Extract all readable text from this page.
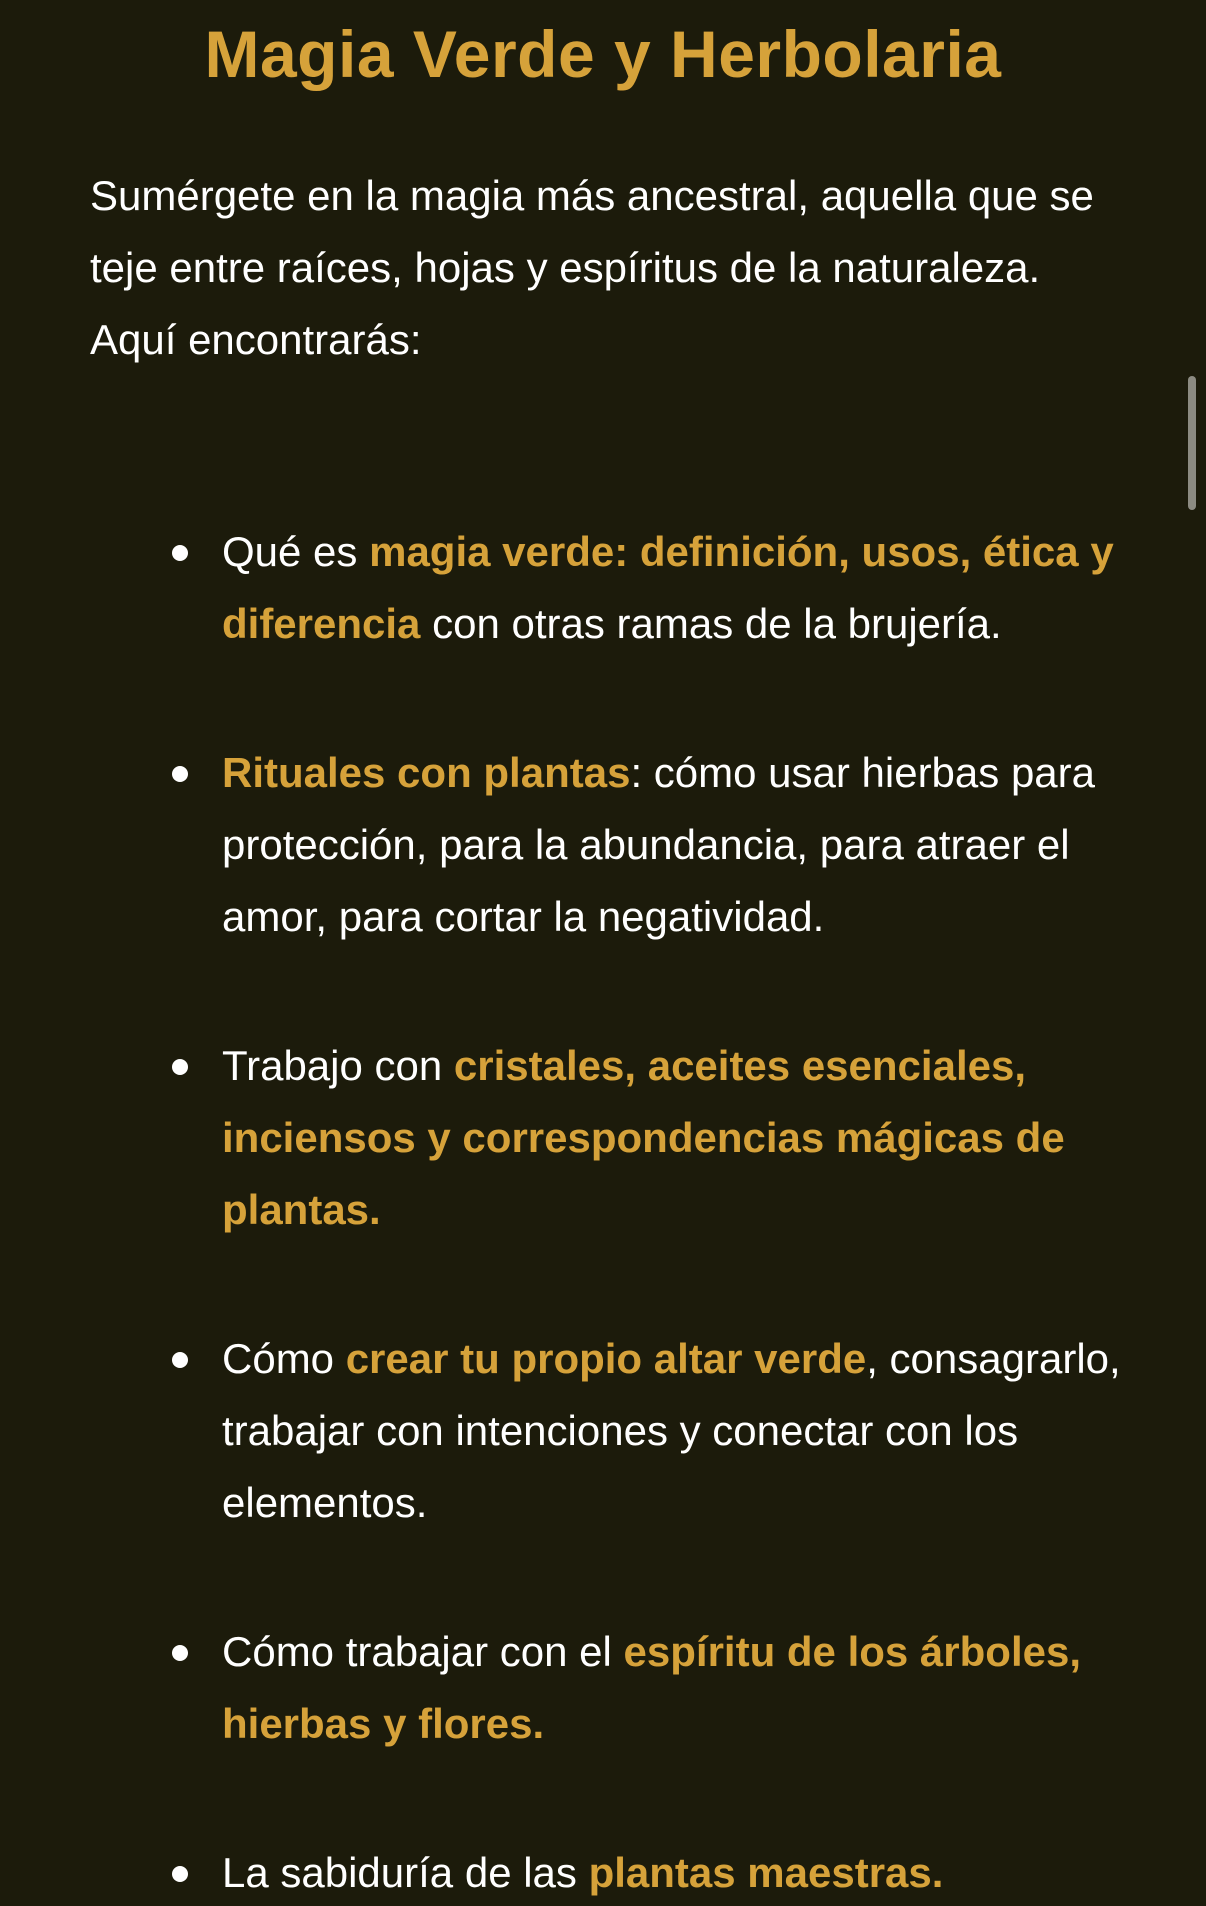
Magia Verde y Herbolaria

Sumérgete en la magia más ancestral, aquella que se teje entre raíces, hojas y espíritus de la naturaleza.

Aquí encontrarás:

Qué es magia verde: definición, usos, ética y diferencia con otras ramas de la brujería.
Rituales con plantas: cómo usar hierbas para protección, para la abundancia, para atraer el amor, para cortar la negatividad.
Trabajo con cristales, aceites esenciales, inciensos y correspondencias mágicas de plantas.
Cómo crear tu propio altar verde, consagrarlo, trabajar con intenciones y conectar con los elementos.
Cómo trabajar con el espíritu de los árboles, hierbas y flores.
La sabiduría de las plantas maestras.
